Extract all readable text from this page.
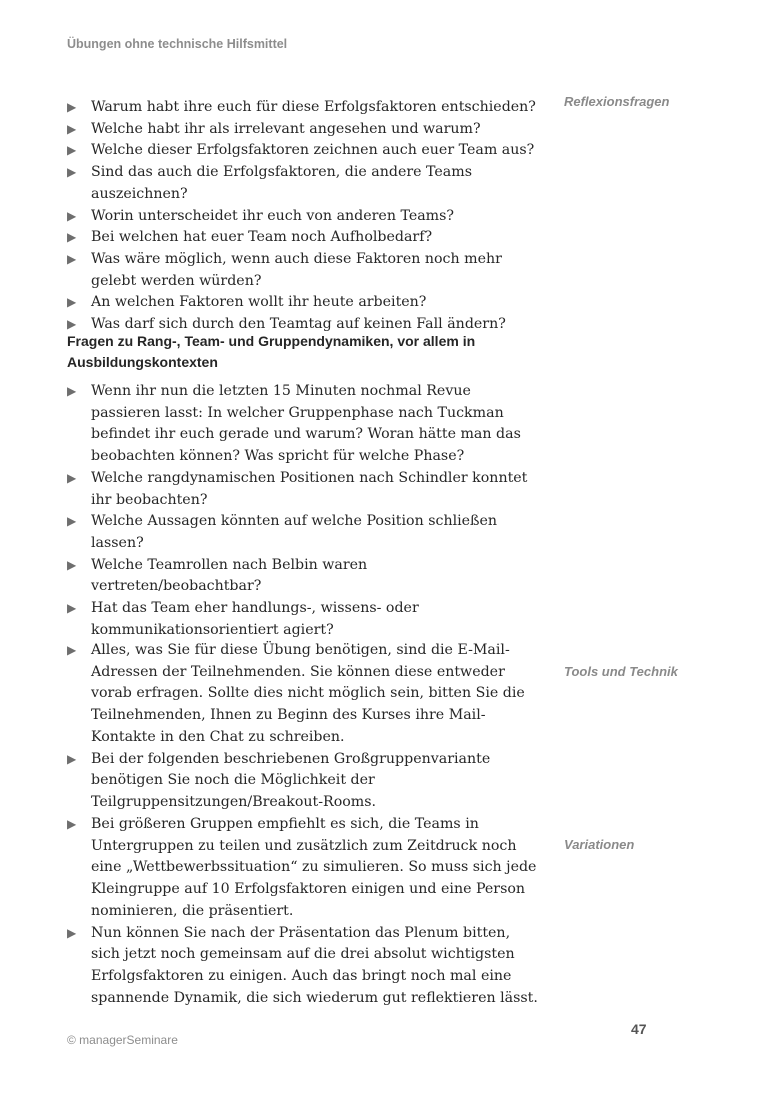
Übungen ohne technische Hilfsmittel
Reflexionsfragen
▶	Warum habt ihre euch für diese Erfolgsfaktoren entschieden?
▶	Welche habt ihr als irrelevant angesehen und warum?
▶	Welche dieser Erfolgsfaktoren zeichnen auch euer Team aus?
▶	Sind das auch die Erfolgsfaktoren, die andere Teams auszeichnen?
▶	Worin unterscheidet ihr euch von anderen Teams?
▶	Bei welchen hat euer Team noch Aufholbedarf?
▶	Was wäre möglich, wenn auch diese Faktoren noch mehr gelebt werden würden?
▶	An welchen Faktoren wollt ihr heute arbeiten?
▶	Was darf sich durch den Teamtag auf keinen Fall ändern?
Fragen zu Rang-, Team- und Gruppendynamiken, vor allem in Ausbildungskontexten
▶	Wenn ihr nun die letzten 15 Minuten nochmal Revue passieren lasst: In welcher Gruppenphase nach Tuckman befindet ihr euch gerade und warum? Woran hätte man das beobachten können? Was spricht für welche Phase?
▶	Welche rangdynamischen Positionen nach Schindler konntet ihr beobachten?
▶	Welche Aussagen könnten auf welche Position schließen lassen?
▶	Welche Teamrollen nach Belbin waren vertreten/beobachtbar?
▶	Hat das Team eher handlungs-, wissens- oder kommunikationsorientiert agiert?
Tools und Technik
▶	Alles, was Sie für diese Übung benötigen, sind die E-Mail-Adressen der Teilnehmenden. Sie können diese entweder vorab erfragen. Sollte dies nicht möglich sein, bitten Sie die Teilnehmenden, Ihnen zu Beginn des Kurses ihre Mail-Kontakte in den Chat zu schreiben.
▶	Bei der folgenden beschriebenen Großgruppenvariante benötigen Sie noch die Möglichkeit der Teilgruppensitzungen/Breakout-Rooms.
Variationen
▶	Bei größeren Gruppen empfiehlt es sich, die Teams in Untergruppen zu teilen und zusätzlich zum Zeitdruck noch eine „Wettbewerbssituation“ zu simulieren. So muss sich jede Kleingruppe auf 10 Erfolgsfaktoren einigen und eine Person nominieren, die präsentiert.
▶	Nun können Sie nach der Präsentation das Plenum bitten, sich jetzt noch gemeinsam auf die drei absolut wichtigsten Erfolgsfaktoren zu einigen. Auch das bringt noch mal eine spannende Dynamik, die sich wiederum gut reflektieren lässt.
47
© managerSeminare
